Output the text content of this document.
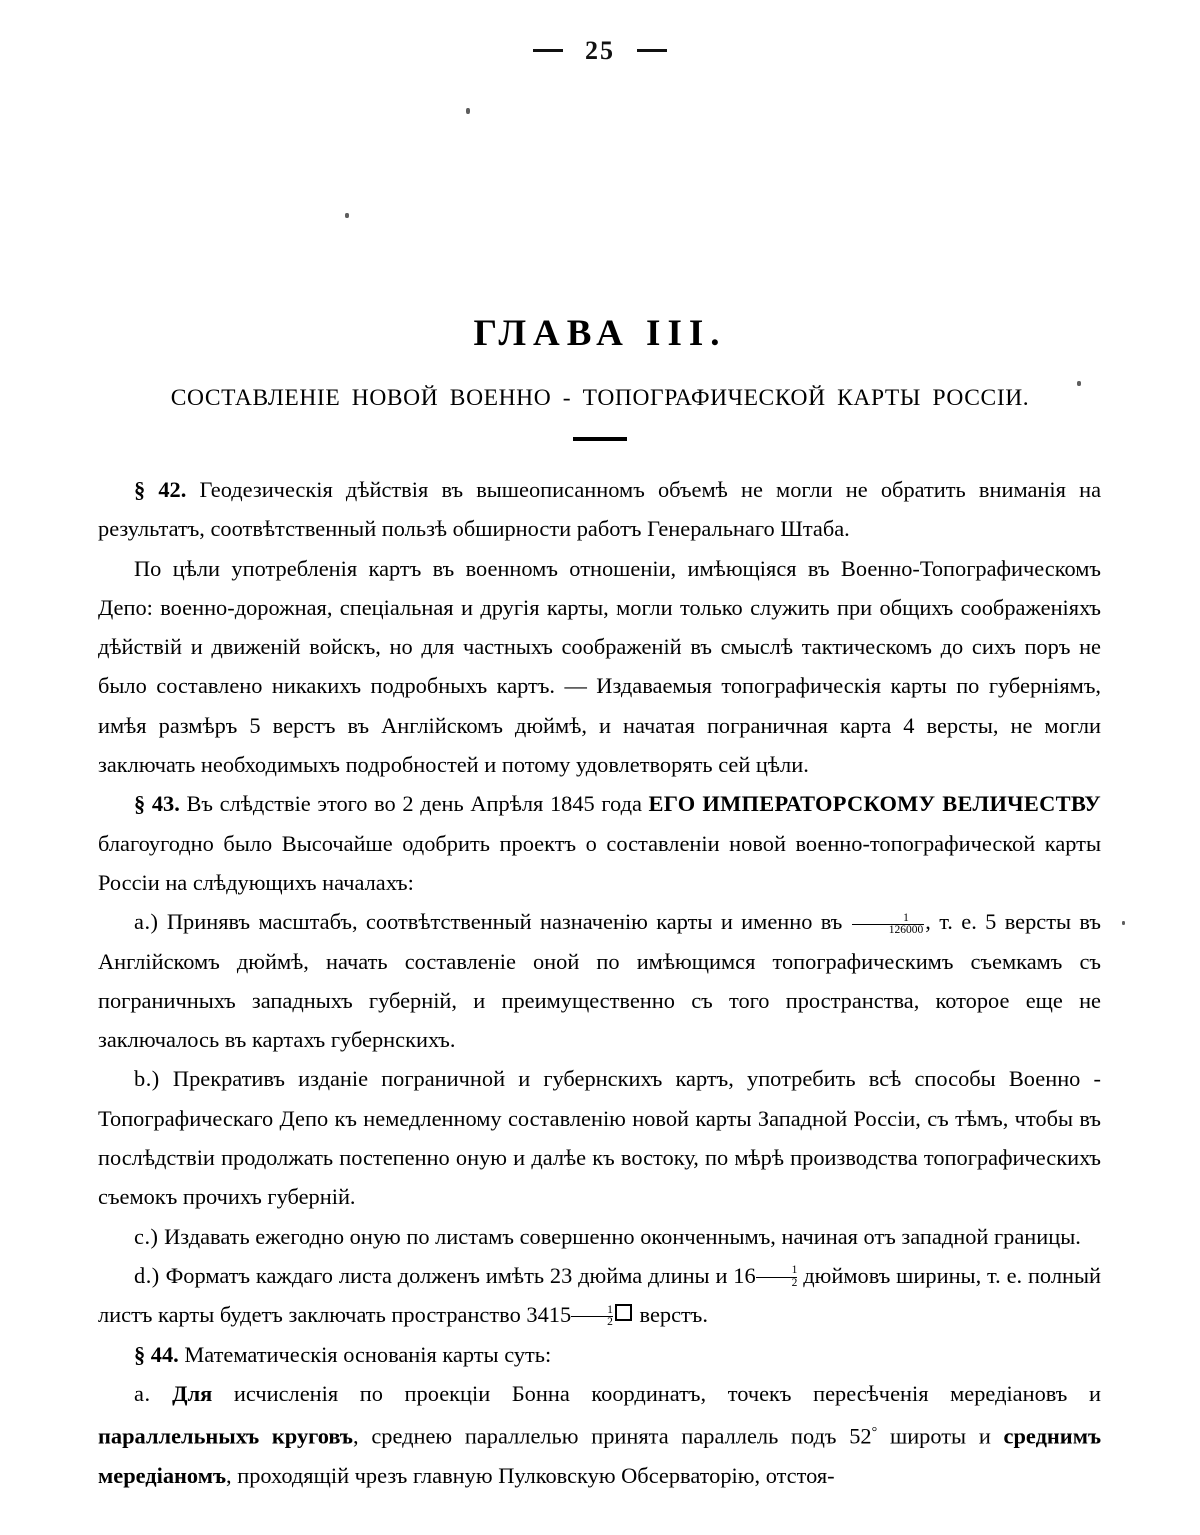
25
ГЛАВА III.
СОСТАВЛЕНІЕ НОВОЙ ВОЕННО - ТОПОГРАФИЧЕСКОЙ КАРТЫ РОССІИ.

§ 42. Геодезическія дѣйствія въ вышеописанномъ объемѣ не могли не обратить вниманія на результатъ, соотвѣтственный пользѣ обширности работъ Генеральнаго Штаба.

По цѣли употребленія картъ въ военномъ отношеніи, имѣющіяся въ Военно-Топографическомъ Депо: военно-дорожная, спеціальная и другія карты, могли только служить при общихъ соображеніяхъ дѣйствій и движеній войскъ, но для частныхъ соображеній въ смыслѣ тактическомъ до сихъ поръ не было составлено никакихъ подробныхъ картъ. — Издаваемыя топографическія карты по губерніямъ, имѣя размѣръ 5 верстъ въ Англійскомъ дюймѣ, и начатая пограничная карта 4 версты, не могли заключать необходимыхъ подробностей и потому удовлетворять сей цѣли.

§ 43. Въ слѣдствіе этого во 2 день Апрѣля 1845 года ЕГО ИМПЕРАТОРСКОМУ ВЕЛИЧЕСТВУ благоугодно было Высочайше одобрить проектъ о составленіи новой военно-топографической карты Россіи на слѣдующихъ началахъ:

а.) Принявъ масштабъ, соотвѣтственный назначенію карты и именно въ $\frac{1}{126000}$ , т. е. 5 версты въ Англійскомъ дюймѣ, начать составленіе оной по имѣющимся топографическимъ съемкамъ съ пограничныхъ западныхъ губерній, и преимущественно съ того пространства, которое еще не заключалось въ картахъ губернскихъ.

b.) Прекративъ изданіе пограничной и губернскихъ картъ, употребить всѣ способы Военно - Топографическаго Депо къ немедленному составленію новой карты Западной Россіи, съ тѣмъ, чтобы въ послѣдствіи продолжать постепенно оную и далѣе къ востоку, по мѣрѣ производства топографическихъ съемокъ прочихъ губерній.

c.) Издавать ежегодно оную по листамъ совершенно оконченнымъ, начиная отъ западной границы.

d.) Форматъ каждаго листа долженъ имѣть 23 дюйма длины и $16 \frac{1}{2}$ дюймовъ ширины, т. е. полный листъ карты будетъ заключать пространство $3415 \frac{1}{2}$ верстъ.

§ 44. Математическія основанія карты суть:

а. Для исчисленія по проекціи Бонна координатъ, точекъ пересѣченія мередіановъ и параллельныхъ круговъ, среднею параллелью принята параллель подъ 52° широты и среднимъ мередіаномъ, проходящій чрезъ главную Пулковскую Обсерваторію, отстоя-
